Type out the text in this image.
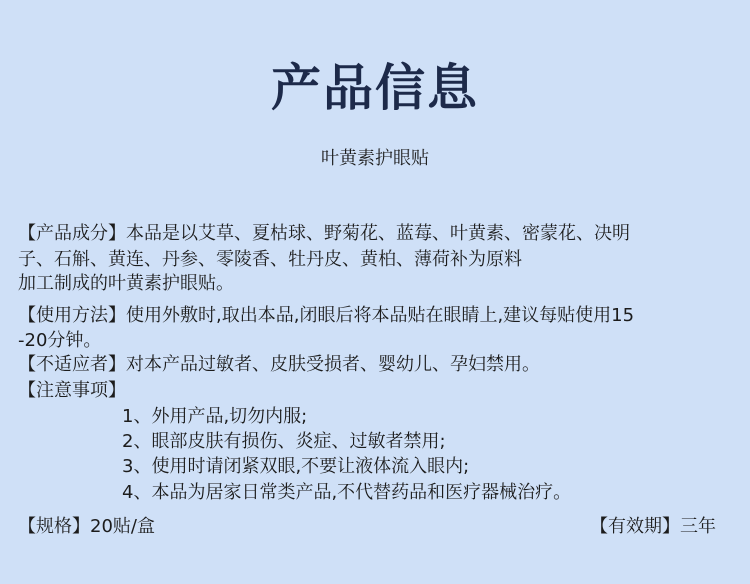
产品信息
叶黄素护眼贴
【产品成分】本品是以艾草、夏枯球、野菊花、蓝莓、叶黄素、密蒙花、决明
子、石斛、黄连、丹参、零陵香、牡丹皮、黄柏、薄荷补为原料
加工制成的叶黄素护眼贴。
【使用方法】使用外敷时,取出本品,闭眼后将本品贴在眼睛上,建议每贴使用15
-20分钟。
【不适应者】对本产品过敏者、皮肤受损者、婴幼儿、孕妇禁用。
【注意事项】
1、外用产品,切勿内服;
2、眼部皮肤有损伤、炎症、过敏者禁用;
3、使用时请闭紧双眼,不要让液体流入眼内;
4、本品为居家日常类产品,不代替药品和医疗器械治疗。
【规格】20贴/盒	【有效期】三年
